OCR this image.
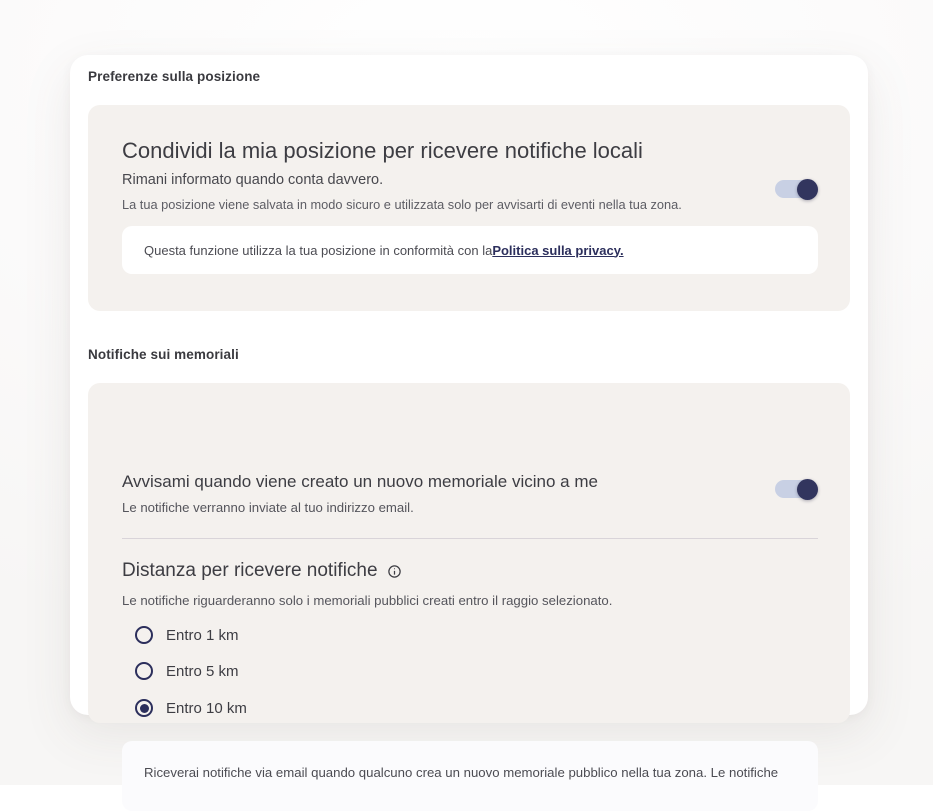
Preferenze sulla posizione
Condividi la mia posizione per ricevere notifiche locali
Rimani informato quando conta davvero.
La tua posizione viene salvata in modo sicuro e utilizzata solo per avvisarti di eventi nella tua zona.
Questa funzione utilizza la tua posizione in conformità con la Politica sulla privacy.
Notifiche sui memoriali
Avvisami quando viene creato un nuovo memoriale vicino a me
Le notifiche verranno inviate al tuo indirizzo email.
Distanza per ricevere notifiche
Le notifiche riguarderanno solo i memoriali pubblici creati entro il raggio selezionato.
Entro 1 km
Entro 5 km
Entro 10 km
Riceverai notifiche via email quando qualcuno crea un nuovo memoriale pubblico nella tua zona. Le notifiche
